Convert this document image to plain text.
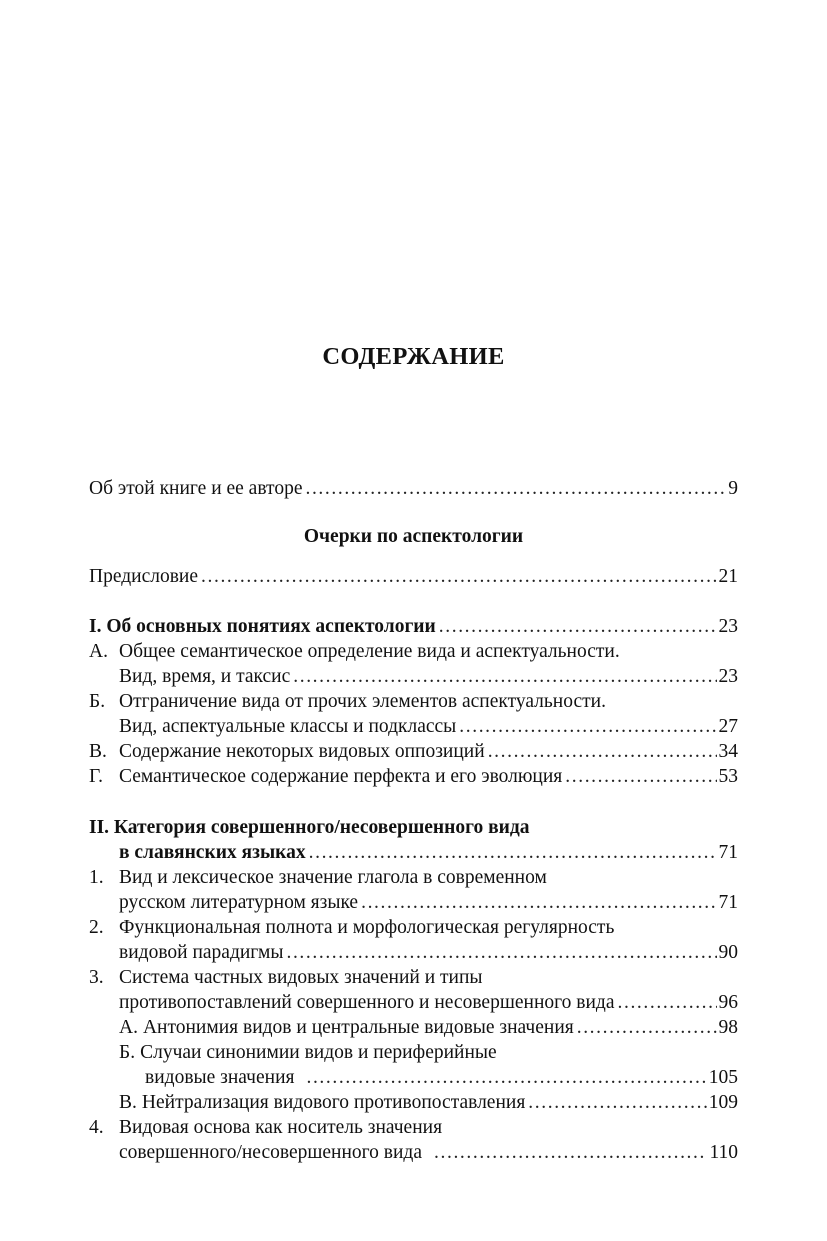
СОДЕРЖАНИЕ
Об этой книге и ее авторе .....	9
Очерки по аспектологии
Предисловие .....	21
I. Об основных понятиях аспектологии .....	23
А. Общее семантическое определение вида и аспектуальности.
Вид, время, и таксис .....	23
Б. Отграничение вида от прочих элементов аспектуальности.
Вид, аспектуальные классы и подклассы .....	27
В. Содержание некоторых видовых оппозиций .....	34
Г. Семантическое содержание перфекта и его эволюция .....	53
II. Категория совершенного/несовершенного вида
в славянских языках .....	71
1. Вид и лексическое значение глагола в современном
русском литературном языке .....	71
2. Функциональная полнота и морфологическая регулярность
видовой парадигмы .....	90
3. Система частных видовых значений и типы
противопоставлений совершенного и несовершенного вида .....	96
А. Антонимия видов и центральные видовые значения .....	98
Б. Случаи синонимии видов и периферийные
видовые значения .....	105
В. Нейтрализация видового противопоставления .....	109
4. Видовая основа как носитель значения
совершенного/несовершенного вида .....	110
